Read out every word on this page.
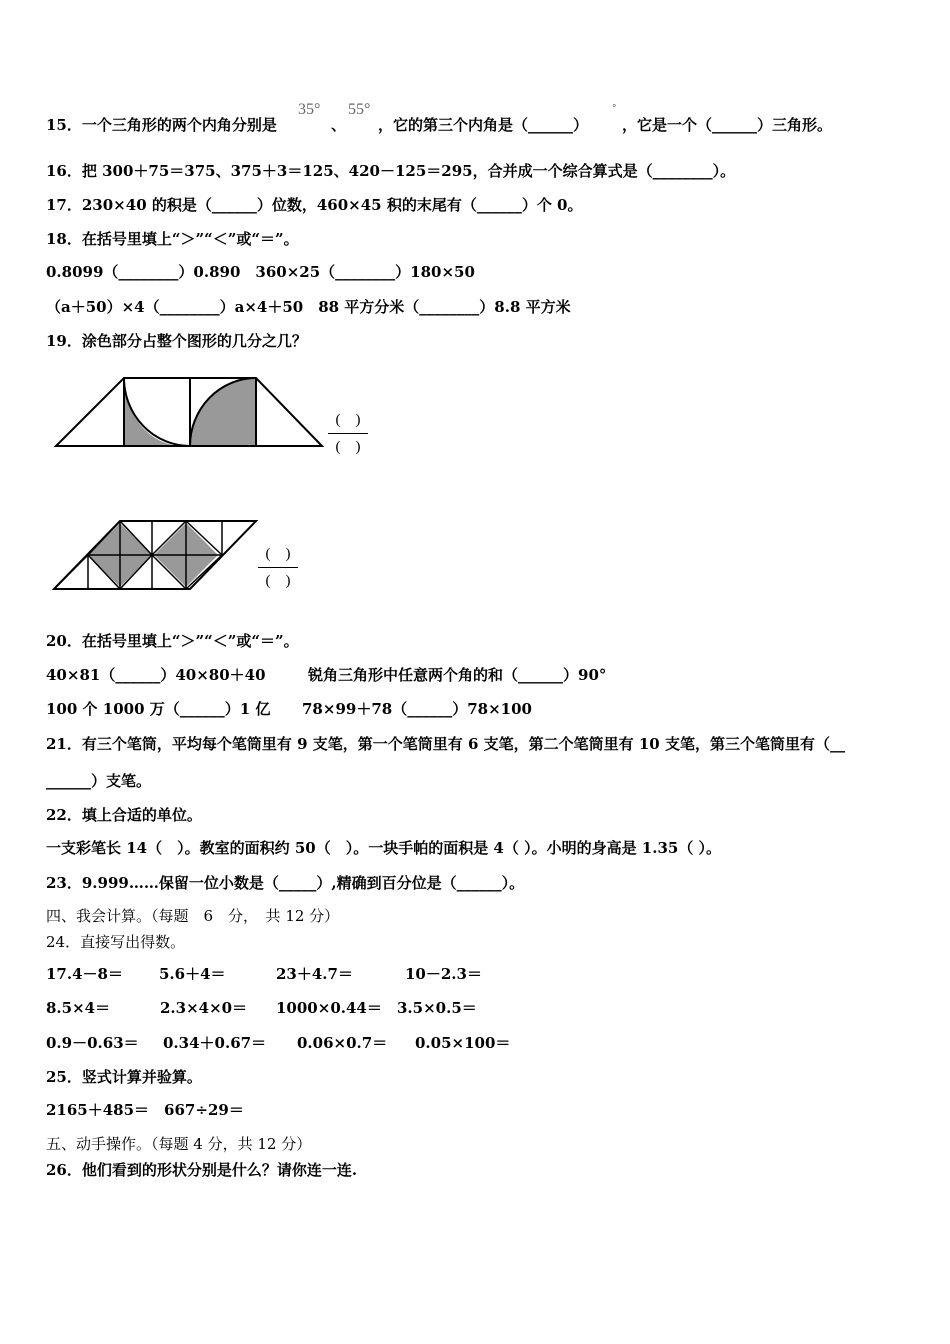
15．一个三角形的两个内角分别是
35°
、
55°
，它的第三个内角是（______）
°
，它是一个（______）三角形。
16．把 300＋75＝375、375＋3＝125、420－125＝295，合并成一个综合算式是（________）。
17．230×40 的积是（______）位数，460×45 积的末尾有（______）个 0。
18．在括号里填上“＞”“＜”或“＝”。
0.8099（________）0.890　360×25（________）180×50
（a＋50）×4（________）a×4＋50　88 平方分米（________）8.8 平方米
19．涂色部分占整个图形的几分之几？
(　)
(　)
(　)
(　)
20．在括号里填上“＞”“＜”或“＝”。
40×81（______）40×80＋40	锐角三角形中任意两个角的和（______）90°
100 个 1000 万（______）1 亿 78×99＋78（______）78×100
21．有三个笔筒，平均每个笔筒里有 9 支笔，第一个笔筒里有 6 支笔，第二个笔筒里有 10 支笔，第三个笔筒里有（__
______）支笔。
22．填上合适的单位。
一支彩笔长 14（　）。教室的面积约 50（　）。一块手帕的面积是 4（ ）。小明的身高是 1.35（ ）。
23．9.999……保留一位小数是（_____）,精确到百分位是（______）。
四、我会计算。（每题　6　分，　共 12 分）
24．直接写出得数。
17.4－8＝ 5.6＋4＝	23＋4.7＝	10－2.3＝
8.5×4＝	2.3×4×0＝ 1000×0.44＝ 3.5×0.5＝
0.9－0.63＝ 0.34＋0.67＝ 0.06×0.7＝ 0.05×100＝
25．竖式计算并验算。
2165＋485＝　667÷29＝
五、动手操作。（每题 4 分，共 12 分）
26．他们看到的形状分别是什么？请你连一连.
